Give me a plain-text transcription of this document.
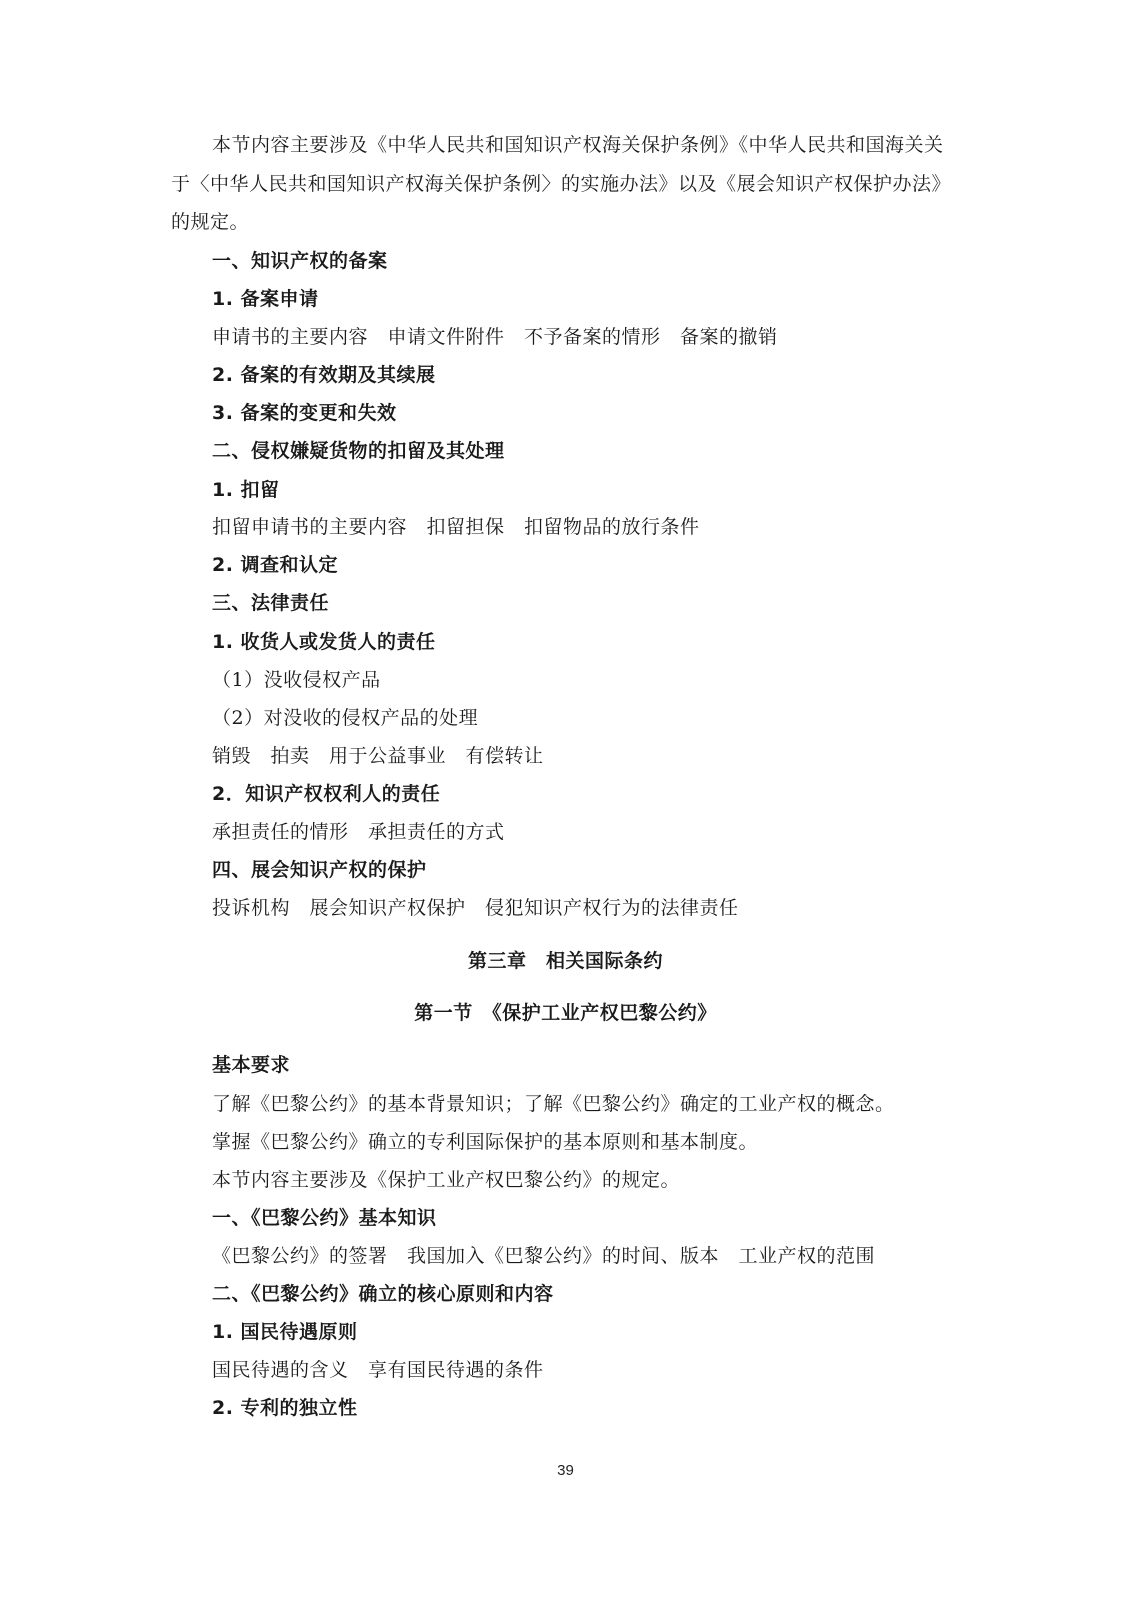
本节内容主要涉及《中华人民共和国知识产权海关保护条例》《中华人民共和国海关关
于〈中华人民共和国知识产权海关保护条例〉的实施办法》以及《展会知识产权保护办法》
的规定。
一、知识产权的备案
1. 备案申请
申请书的主要内容　申请文件附件　不予备案的情形　备案的撤销
2. 备案的有效期及其续展
3. 备案的变更和失效
二、侵权嫌疑货物的扣留及其处理
1. 扣留
扣留申请书的主要内容　扣留担保　扣留物品的放行条件
2. 调查和认定
三、法律责任
1. 收货人或发货人的责任
（1）没收侵权产品
（2）对没收的侵权产品的处理
销毁　拍卖　用于公益事业　有偿转让
2．知识产权权利人的责任
承担责任的情形　承担责任的方式
四、展会知识产权的保护
投诉机构　展会知识产权保护　侵犯知识产权行为的法律责任
第三章　相关国际条约
第一节　《保护工业产权巴黎公约》
基本要求
了解《巴黎公约》的基本背景知识；了解《巴黎公约》确定的工业产权的概念。
掌握《巴黎公约》确立的专利国际保护的基本原则和基本制度。
本节内容主要涉及《保护工业产权巴黎公约》的规定。
一、《巴黎公约》基本知识
《巴黎公约》的签署　我国加入《巴黎公约》的时间、版本　工业产权的范围
二、《巴黎公约》确立的核心原则和内容
1. 国民待遇原则
国民待遇的含义　享有国民待遇的条件
2. 专利的独立性
39
